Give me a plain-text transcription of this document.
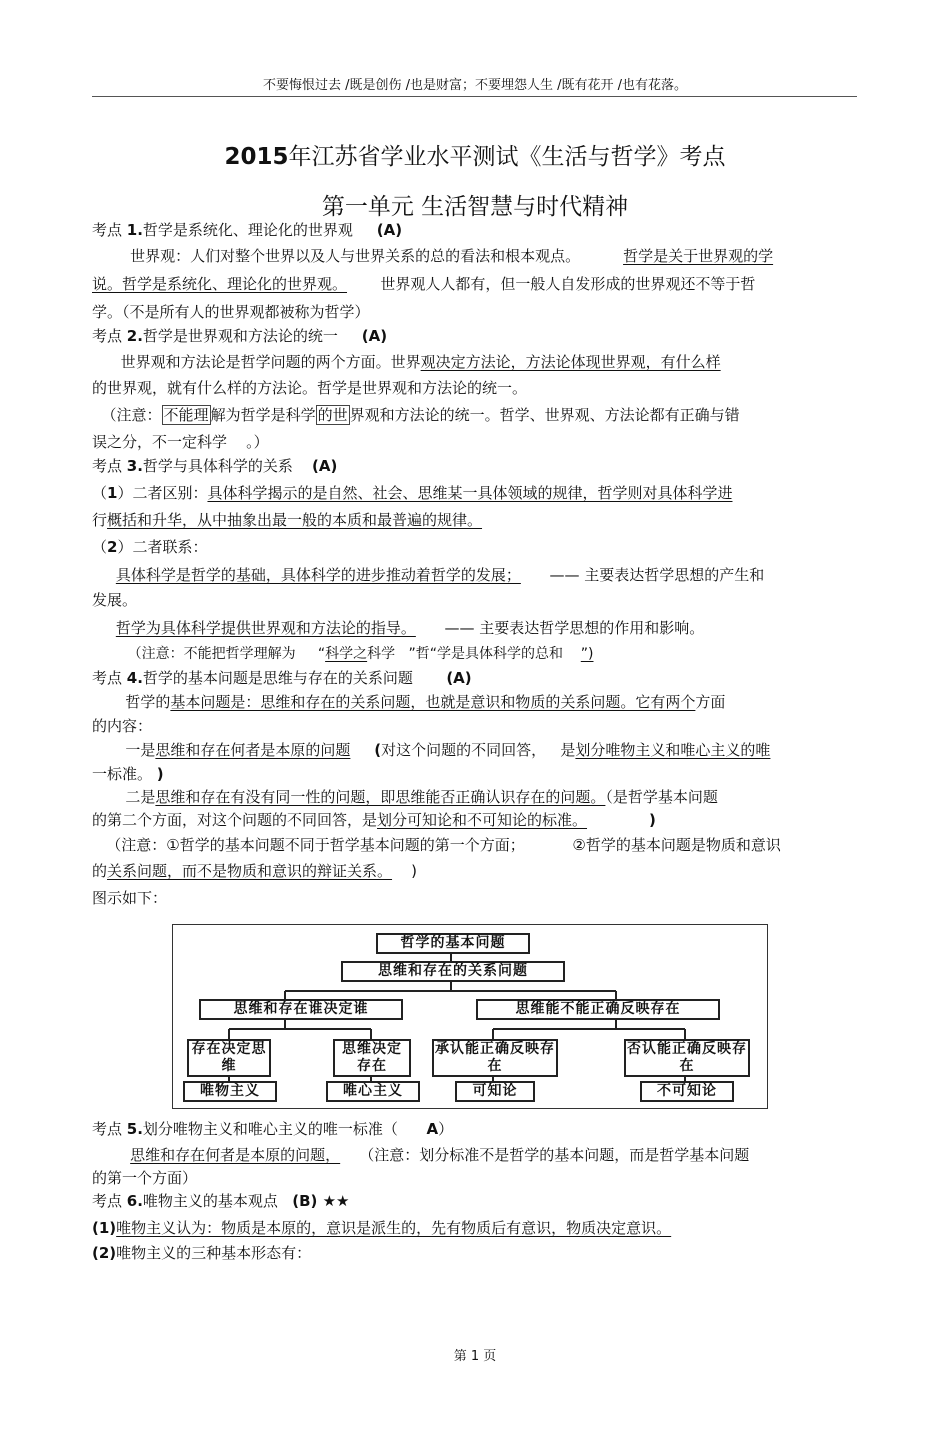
不要悔恨过去 /既是创伤 /也是财富；不要埋怨人生 /既有花开 /也有花落。
2015年江苏省学业水平测试《生活与哲学》考点
第一单元 生活智慧与时代精神
考点 1.哲学是系统化、理论化的世界观     (A)
世界观：人们对整个世界以及人与世界关系的总的看法和根本观点。         哲学是关于世界观的学
说。哲学是系统化、理论化的世界观。 世界观人人都有，但一般人自发形成的世界观还不等于哲
学。（不是所有人的世界观都被称为哲学）
考点 2.哲学是世界观和方法论的统一     (A)
世界观和方法论是哲学问题的两个方面。世界观决定方法论，方法论体现世界观，有什么样
的世界观，就有什么样的方法论。哲学是世界观和方法论的统一。
（注意： 不能理 解为哲学是科学 的世 界观和方法论的统一。哲学、世界观、方法论都有正确与错
误之分，不一定科学    。）
考点 3.哲学与具体科学的关系    (A)
（1）二者区别：具体科学揭示的是自然、社会、思维某一具体领域的规律，哲学则对具体科学进
行概括和升华，从中抽象出最一般的本质和最普遍的规律。
（2）二者联系：
具体科学是哲学的基础，具体科学的进步推动着哲学的发展； —— 主要表达哲学思想的产生和
发展。
哲学为具体科学提供世界观和方法论的指导。 —— 主要表达哲学思想的作用和影响。
（注意：不能把哲学理解为     “科学之科学   ”哲“学是具体科学的总和    ”)
考点 4.哲学的基本问题是思维与存在的关系问题       (A)
哲学的基本问题是：思维和存在的关系问题，也就是意识和物质的关系问题。它有两个方面
的内容：
一是思维和存在何者是本原的问题 (对这个问题的不同回答，   是划分唯物主义和唯心主义的唯
一标准。 )
二是思维和存在有没有同一性的问题，即思维能否正确认识存在的问题。（是哲学基本问题
的第二个方面，对这个问题的不同回答，是划分可知论和不可知论的标准。	)
（注意：①哲学的基本问题不同于哲学基本问题的第一个方面；          ②哲学的基本问题是物质和意识
的关系问题，而不是物质和意识的辩证关系。 )
图示如下：
哲学的基本问题
思维和存在的关系问题
思维和存在谁决定谁	思维能不能正确反映存在
存在决定思维
思维决定存在
承认能正确反映存在
否认能正确反映存在
唯物主义	唯心主义	可知论	不可知论
考点 5.划分唯物主义和唯心主义的唯一标准（      A）
思维和存在何者是本原的问题， （注意：划分标准不是哲学的基本问题，而是哲学基本问题
的第一个方面）
考点 6.唯物主义的基本观点   (B) ★★
(1)唯物主义认为：物质是本原的，意识是派生的，先有物质后有意识，物质决定意识。
(2)唯物主义的三种基本形态有：
第 1 页
